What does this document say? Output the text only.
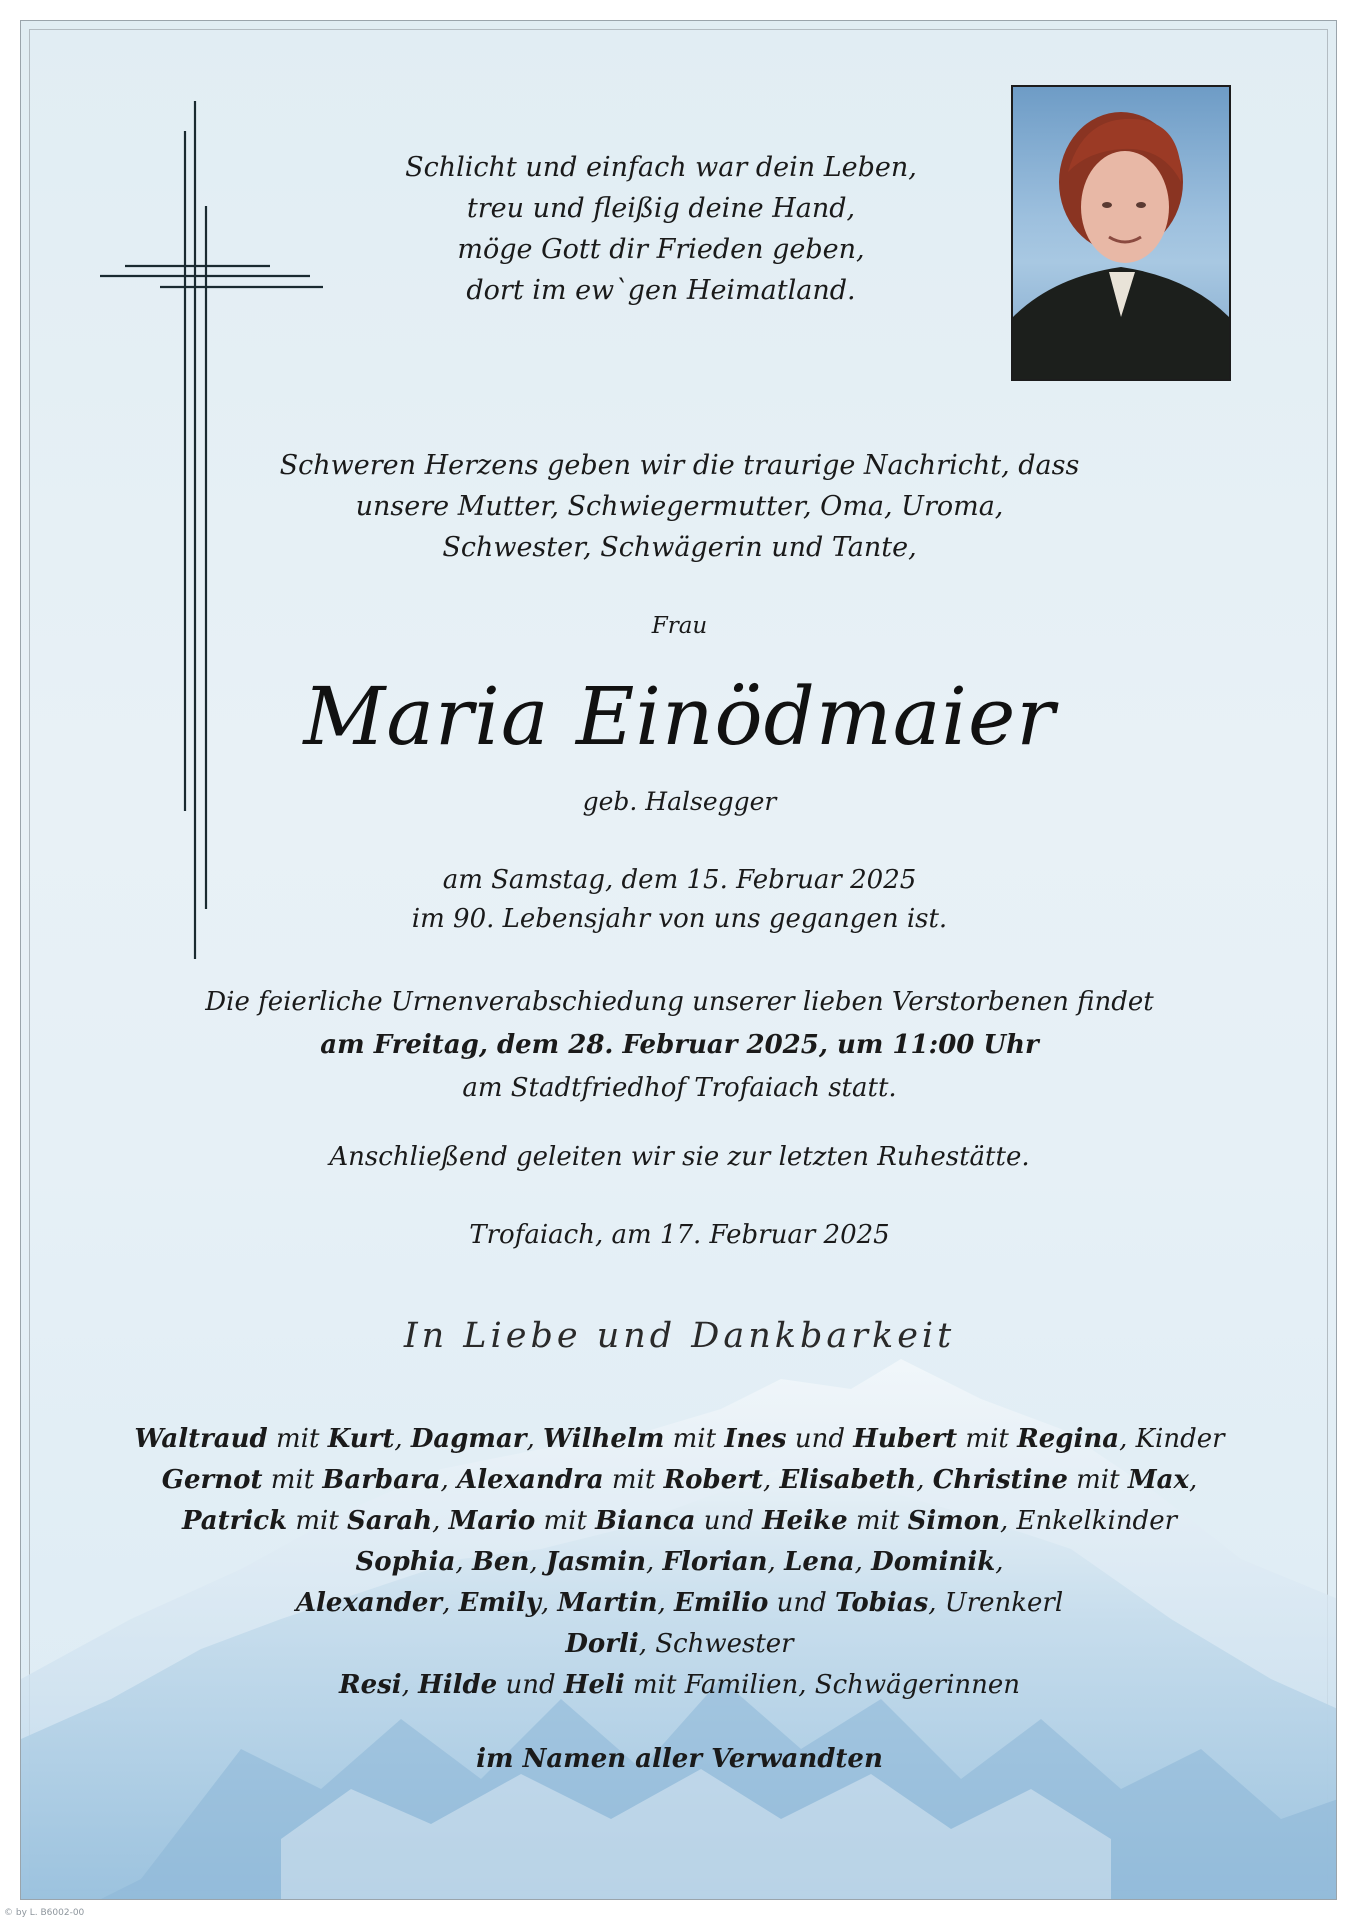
Schlicht und einfach war dein Leben,
treu und fleißig deine Hand,
möge Gott dir Frieden geben,
dort im ew`gen Heimatland.
Schweren Herzens geben wir die traurige Nachricht, dass
unsere Mutter, Schwiegermutter, Oma, Uroma,
Schwester, Schwägerin und Tante,
Frau
Maria Einödmaier
geb. Halsegger
am Samstag, dem 15. Februar 2025
im 90. Lebensjahr von uns gegangen ist.
Die feierliche Urnenverabschiedung unserer lieben Verstorbenen findet
am Freitag, dem 28. Februar 2025, um 11:00 Uhr
am Stadtfriedhof Trofaiach statt.
Anschließend geleiten wir sie zur letzten Ruhestätte.
Trofaiach, am 17. Februar 2025
In Liebe und Dankbarkeit
Waltraud mit Kurt, Dagmar, Wilhelm mit Ines und Hubert mit Regina, Kinder
Gernot mit Barbara, Alexandra mit Robert, Elisabeth, Christine mit Max,
Patrick mit Sarah, Mario mit Bianca und Heike mit Simon, Enkelkinder
Sophia, Ben, Jasmin, Florian, Lena, Dominik,
Alexander, Emily, Martin, Emilio und Tobias, Urenkerl
Dorli, Schwester
Resi, Hilde und Heli mit Familien, Schwägerinnen
im Namen aller Verwandten
© by L. B6002-00
